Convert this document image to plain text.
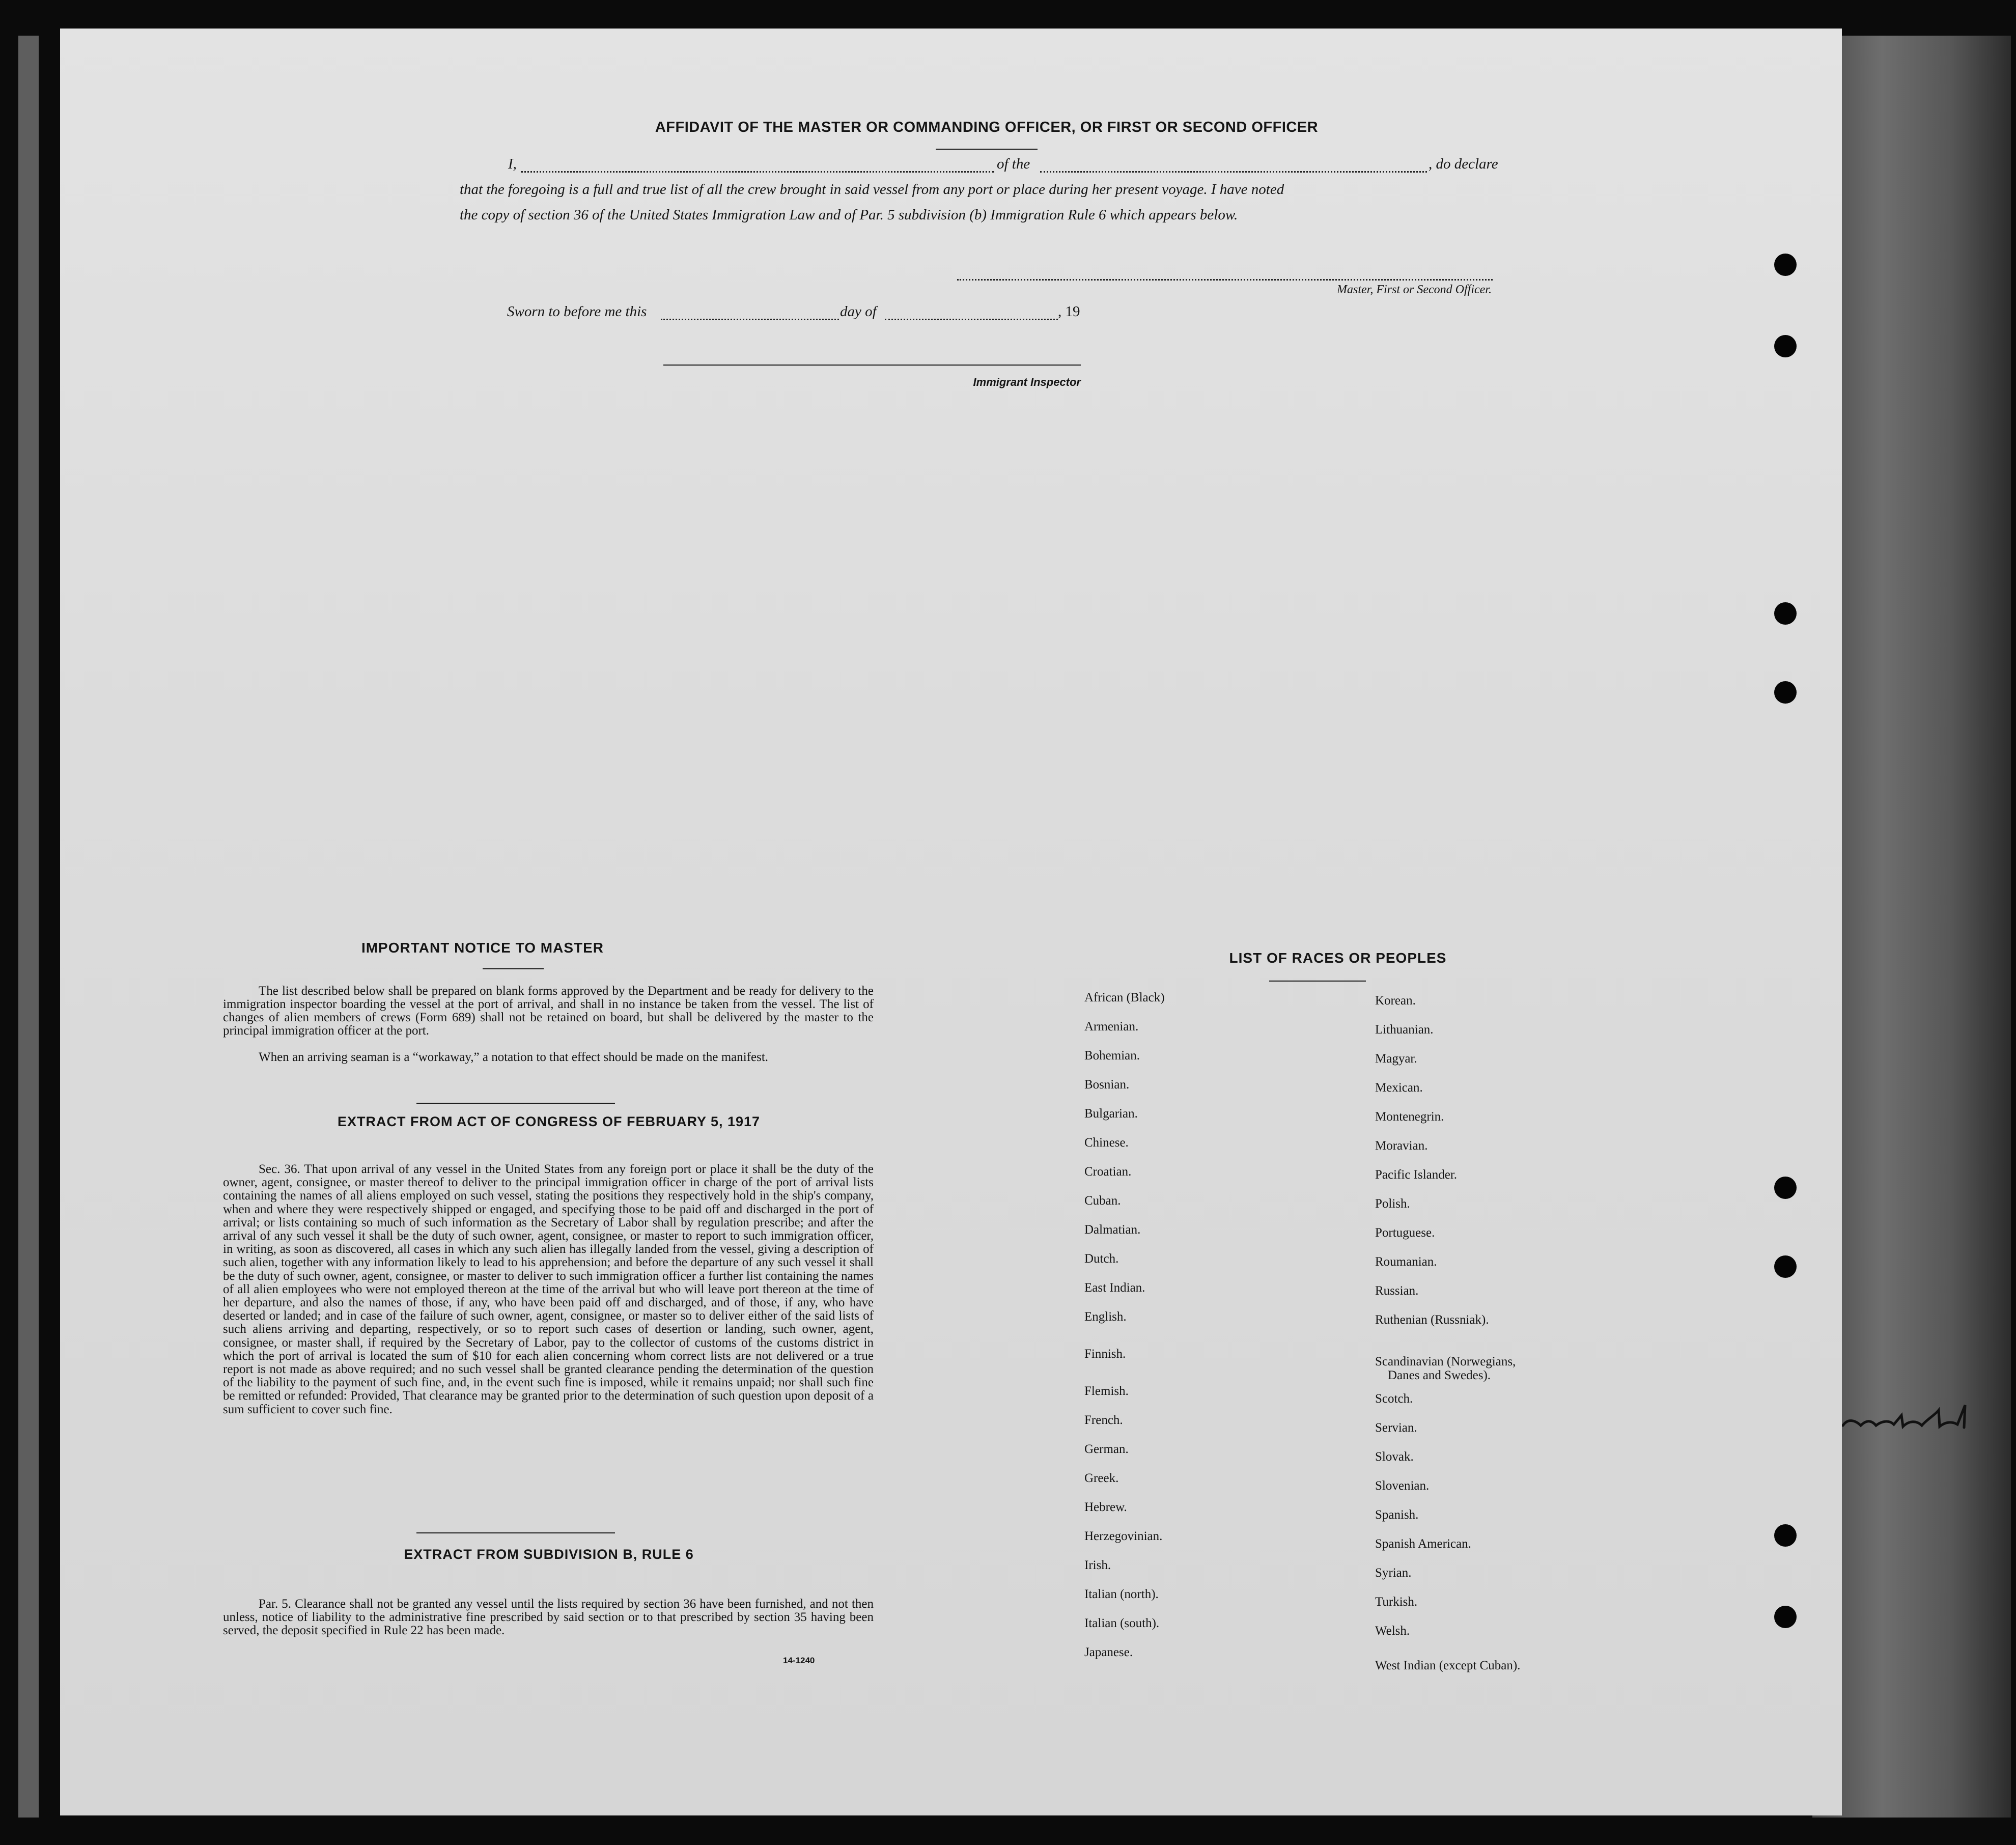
AFFIDAVIT OF THE MASTER OR COMMANDING OFFICER, OR FIRST OR SECOND OFFICER
I,	of the	, do declare
that the foregoing is a full and true list of all the crew brought in said vessel from any port or place during her present voyage. I have noted
the copy of section 36 of the United States Immigration Law and of Par. 5 subdivision (b) Immigration Rule 6 which appears below.
Master, First or Second Officer.
Sworn to before me this	day of	, 19
Immigrant Inspector
IMPORTANT NOTICE TO MASTER
The list described below shall be prepared on blank forms approved by the Department and be ready for delivery to the immigration inspector boarding the vessel at the port of arrival, and shall in no instance be taken from the vessel. The list of changes of alien members of crews (Form 689) shall not be retained on board, but shall be delivered by the master to the principal immigration officer at the port.
When an arriving seaman is a “workaway,” a notation to that effect should be made on the manifest.
EXTRACT FROM ACT OF CONGRESS OF FEBRUARY 5, 1917
Sec. 36. That upon arrival of any vessel in the United States from any foreign port or place it shall be the duty of the owner, agent, consignee, or master thereof to deliver to the principal immigration officer in charge of the port of arrival lists containing the names of all aliens employed on such vessel, stating the positions they respectively hold in the ship's company, when and where they were respectively shipped or engaged, and specifying those to be paid off and discharged in the port of arrival; or lists containing so much of such information as the Secretary of Labor shall by regulation prescribe; and after the arrival of any such vessel it shall be the duty of such owner, agent, consignee, or master to report to such immigration officer, in writing, as soon as discovered, all cases in which any such alien has illegally landed from the vessel, giving a description of such alien, together with any information likely to lead to his apprehension; and before the departure of any such vessel it shall be the duty of such owner, agent, consignee, or master to deliver to such immigration officer a further list containing the names of all alien employees who were not employed thereon at the time of the arrival but who will leave port thereon at the time of her departure, and also the names of those, if any, who have been paid off and discharged, and of those, if any, who have deserted or landed; and in case of the failure of such owner, agent, consignee, or master so to deliver either of the said lists of such aliens arriving and departing, respectively, or so to report such cases of desertion or landing, such owner, agent, consignee, or master shall, if required by the Secretary of Labor, pay to the collector of customs of the customs district in which the port of arrival is located the sum of $10 for each alien concerning whom correct lists are not delivered or a true report is not made as above required; and no such vessel shall be granted clearance pending the determination of the question of the liability to the payment of such fine, and, in the event such fine is imposed, while it remains unpaid; nor shall such fine be remitted or refunded: Provided, That clearance may be granted prior to the determination of such question upon deposit of a sum sufficient to cover such fine.
EXTRACT FROM SUBDIVISION B, RULE 6
Par. 5. Clearance shall not be granted any vessel until the lists required by section 36 have been furnished, and not then unless, notice of liability to the administrative fine prescribed by said section or to that prescribed by section 35 having been served, the deposit specified in Rule 22 has been made.
14-1240
LIST OF RACES OR PEOPLES
Danes and Swedes).
African (Black)
Armenian.
Bohemian.
Bosnian.
Bulgarian.
Chinese.
Croatian.
Cuban.
Dalmatian.
Dutch.
East Indian.
English.
Finnish.
Flemish.
French.
German.
Greek.
Hebrew.
Herzegovinian.
Irish.
Italian (north).
Italian (south).
Japanese.
Korean.
Lithuanian.
Magyar.
Mexican.
Montenegrin.
Moravian.
Pacific Islander.
Polish.
Portuguese.
Roumanian.
Russian.
Ruthenian (Russniak).
Scandinavian (Norwegians,
Scotch.
Servian.
Slovak.
Slovenian.
Spanish.
Spanish American.
Syrian.
Turkish.
Welsh.
West Indian (except Cuban).
